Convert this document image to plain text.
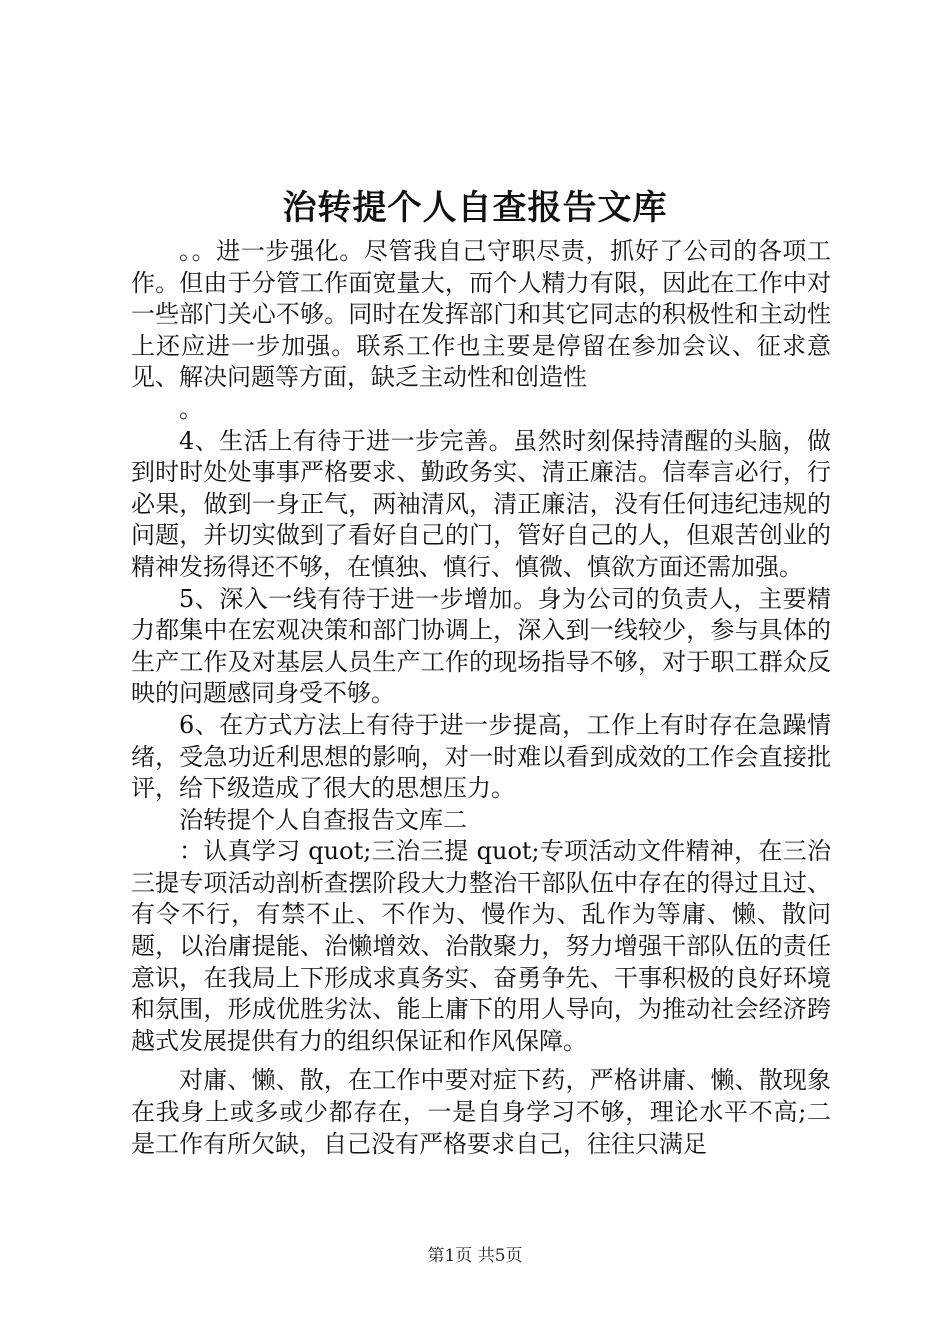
治转提个人自查报告文库

。。进一步强化。尽管我自己守职尽责，抓好了公司的各项工作。但由于分管工作面宽量大，而个人精力有限，因此在工作中对一些部门关心不够。同时在发挥部门和其它同志的积极性和主动性上还应进一步加强。联系工作也主要是停留在参加会议、征求意见、解决问题等方面，缺乏主动性和创造性

。

4、生活上有待于进一步完善。虽然时刻保持清醒的头脑，做到时时处处事事严格要求、勤政务实、清正廉洁。信奉言必行，行必果，做到一身正气，两袖清风，清正廉洁，没有任何违纪违规的问题，并切实做到了看好自己的门，管好自己的人，但艰苦创业的精神发扬得还不够，在慎独、慎行、慎微、慎欲方面还需加强。

5、深入一线有待于进一步增加。身为公司的负责人，主要精力都集中在宏观决策和部门协调上，深入到一线较少，参与具体的生产工作及对基层人员生产工作的现场指导不够，对于职工群众反映的问题感同身受不够。

6、在方式方法上有待于进一步提高，工作上有时存在急躁情绪，受急功近利思想的影响，对一时难以看到成效的工作会直接批评，给下级造成了很大的思想压力。

治转提个人自查报告文库二

：认真学习 quot;三治三提 quot;专项活动文件精神，在三治三提专项活动剖析查摆阶段大力整治干部队伍中存在的得过且过、有令不行，有禁不止、不作为、慢作为、乱作为等庸、懒、散问题，以治庸提能、治懒增效、治散聚力，努力增强干部队伍的责任意识，在我局上下形成求真务实、奋勇争先、干事积极的良好环境和氛围，形成优胜劣汰、能上庸下的用人导向，为推动社会经济跨越式发展提供有力的组织保证和作风保障。

对庸、懒、散，在工作中要对症下药，严格讲庸、懒、散现象在我身上或多或少都存在，一是自身学习不够，理论水平不高;二是工作有所欠缺，自己没有严格要求自己，往往只满足

第1页 共5页
